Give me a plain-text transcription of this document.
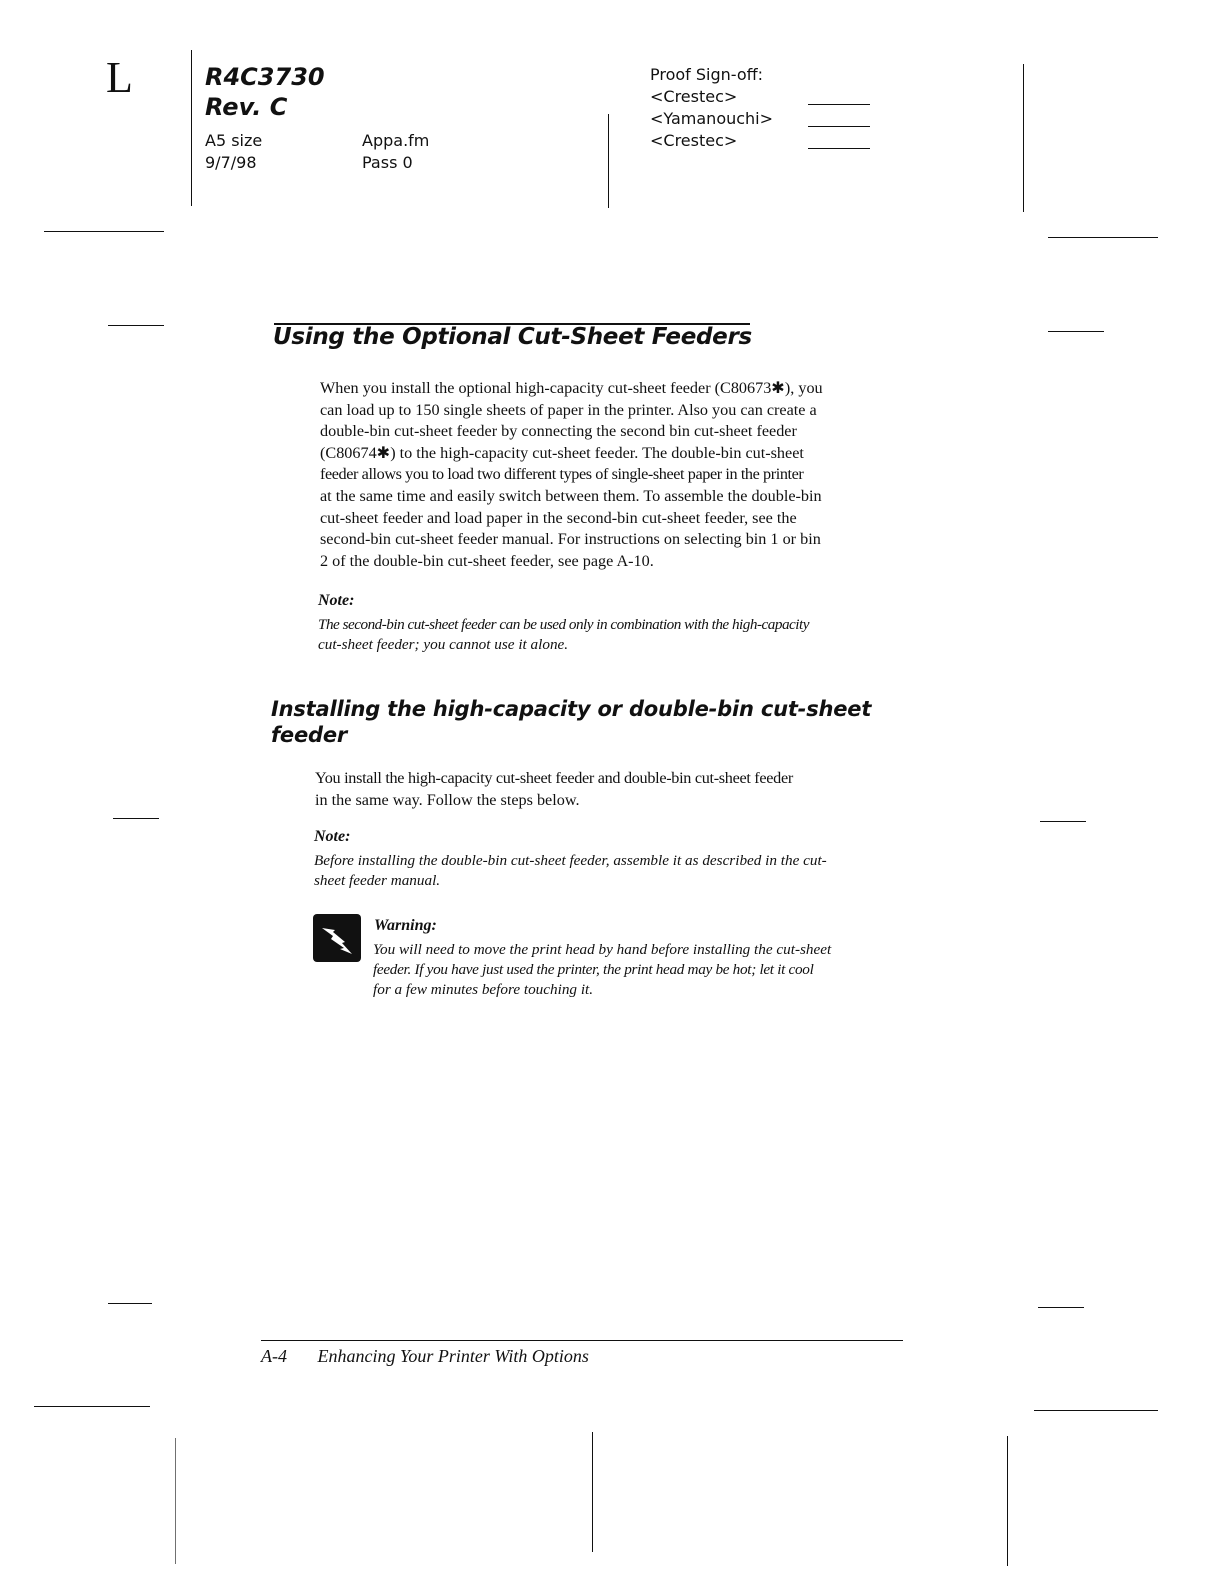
L	R4C3730
Rev. C
A5 size
9/7/98
Appa.fm
Pass 0
Proof Sign-off:
<Crestec>
<Yamanouchi>
<Crestec>
Using the Optional Cut-Sheet Feeders
When you install the optional high-capacity cut-sheet feeder (C80673✱), you
can load up to 150 single sheets of paper in the printer. Also you can create a
double-bin cut-sheet feeder by connecting the second bin cut-sheet feeder
(C80674✱) to the high-capacity cut-sheet feeder. The double-bin cut-sheet
feeder allows you to load two different types of single-sheet paper in the printer
at the same time and easily switch between them. To assemble the double-bin
cut-sheet feeder and load paper in the second-bin cut-sheet feeder, see the
second-bin cut-sheet feeder manual. For instructions on selecting bin 1 or bin
2 of the double-bin cut-sheet feeder, see page A-10.
Note:
The second-bin cut-sheet feeder can be used only in combination with the high-capacity
cut-sheet feeder; you cannot use it alone.
Installing the high-capacity or double-bin cut-sheet
feeder
You install the high-capacity cut-sheet feeder and double-bin cut-sheet feeder
in the same way. Follow the steps below.
Note:
Before installing the double-bin cut-sheet feeder, assemble it as described in the cut-
sheet feeder manual.
Warning:
You will need to move the print head by hand before installing the cut-sheet
feeder. If you have just used the printer, the print head may be hot; let it cool
for a few minutes before touching it.
A-4 Enhancing Your Printer With Options
